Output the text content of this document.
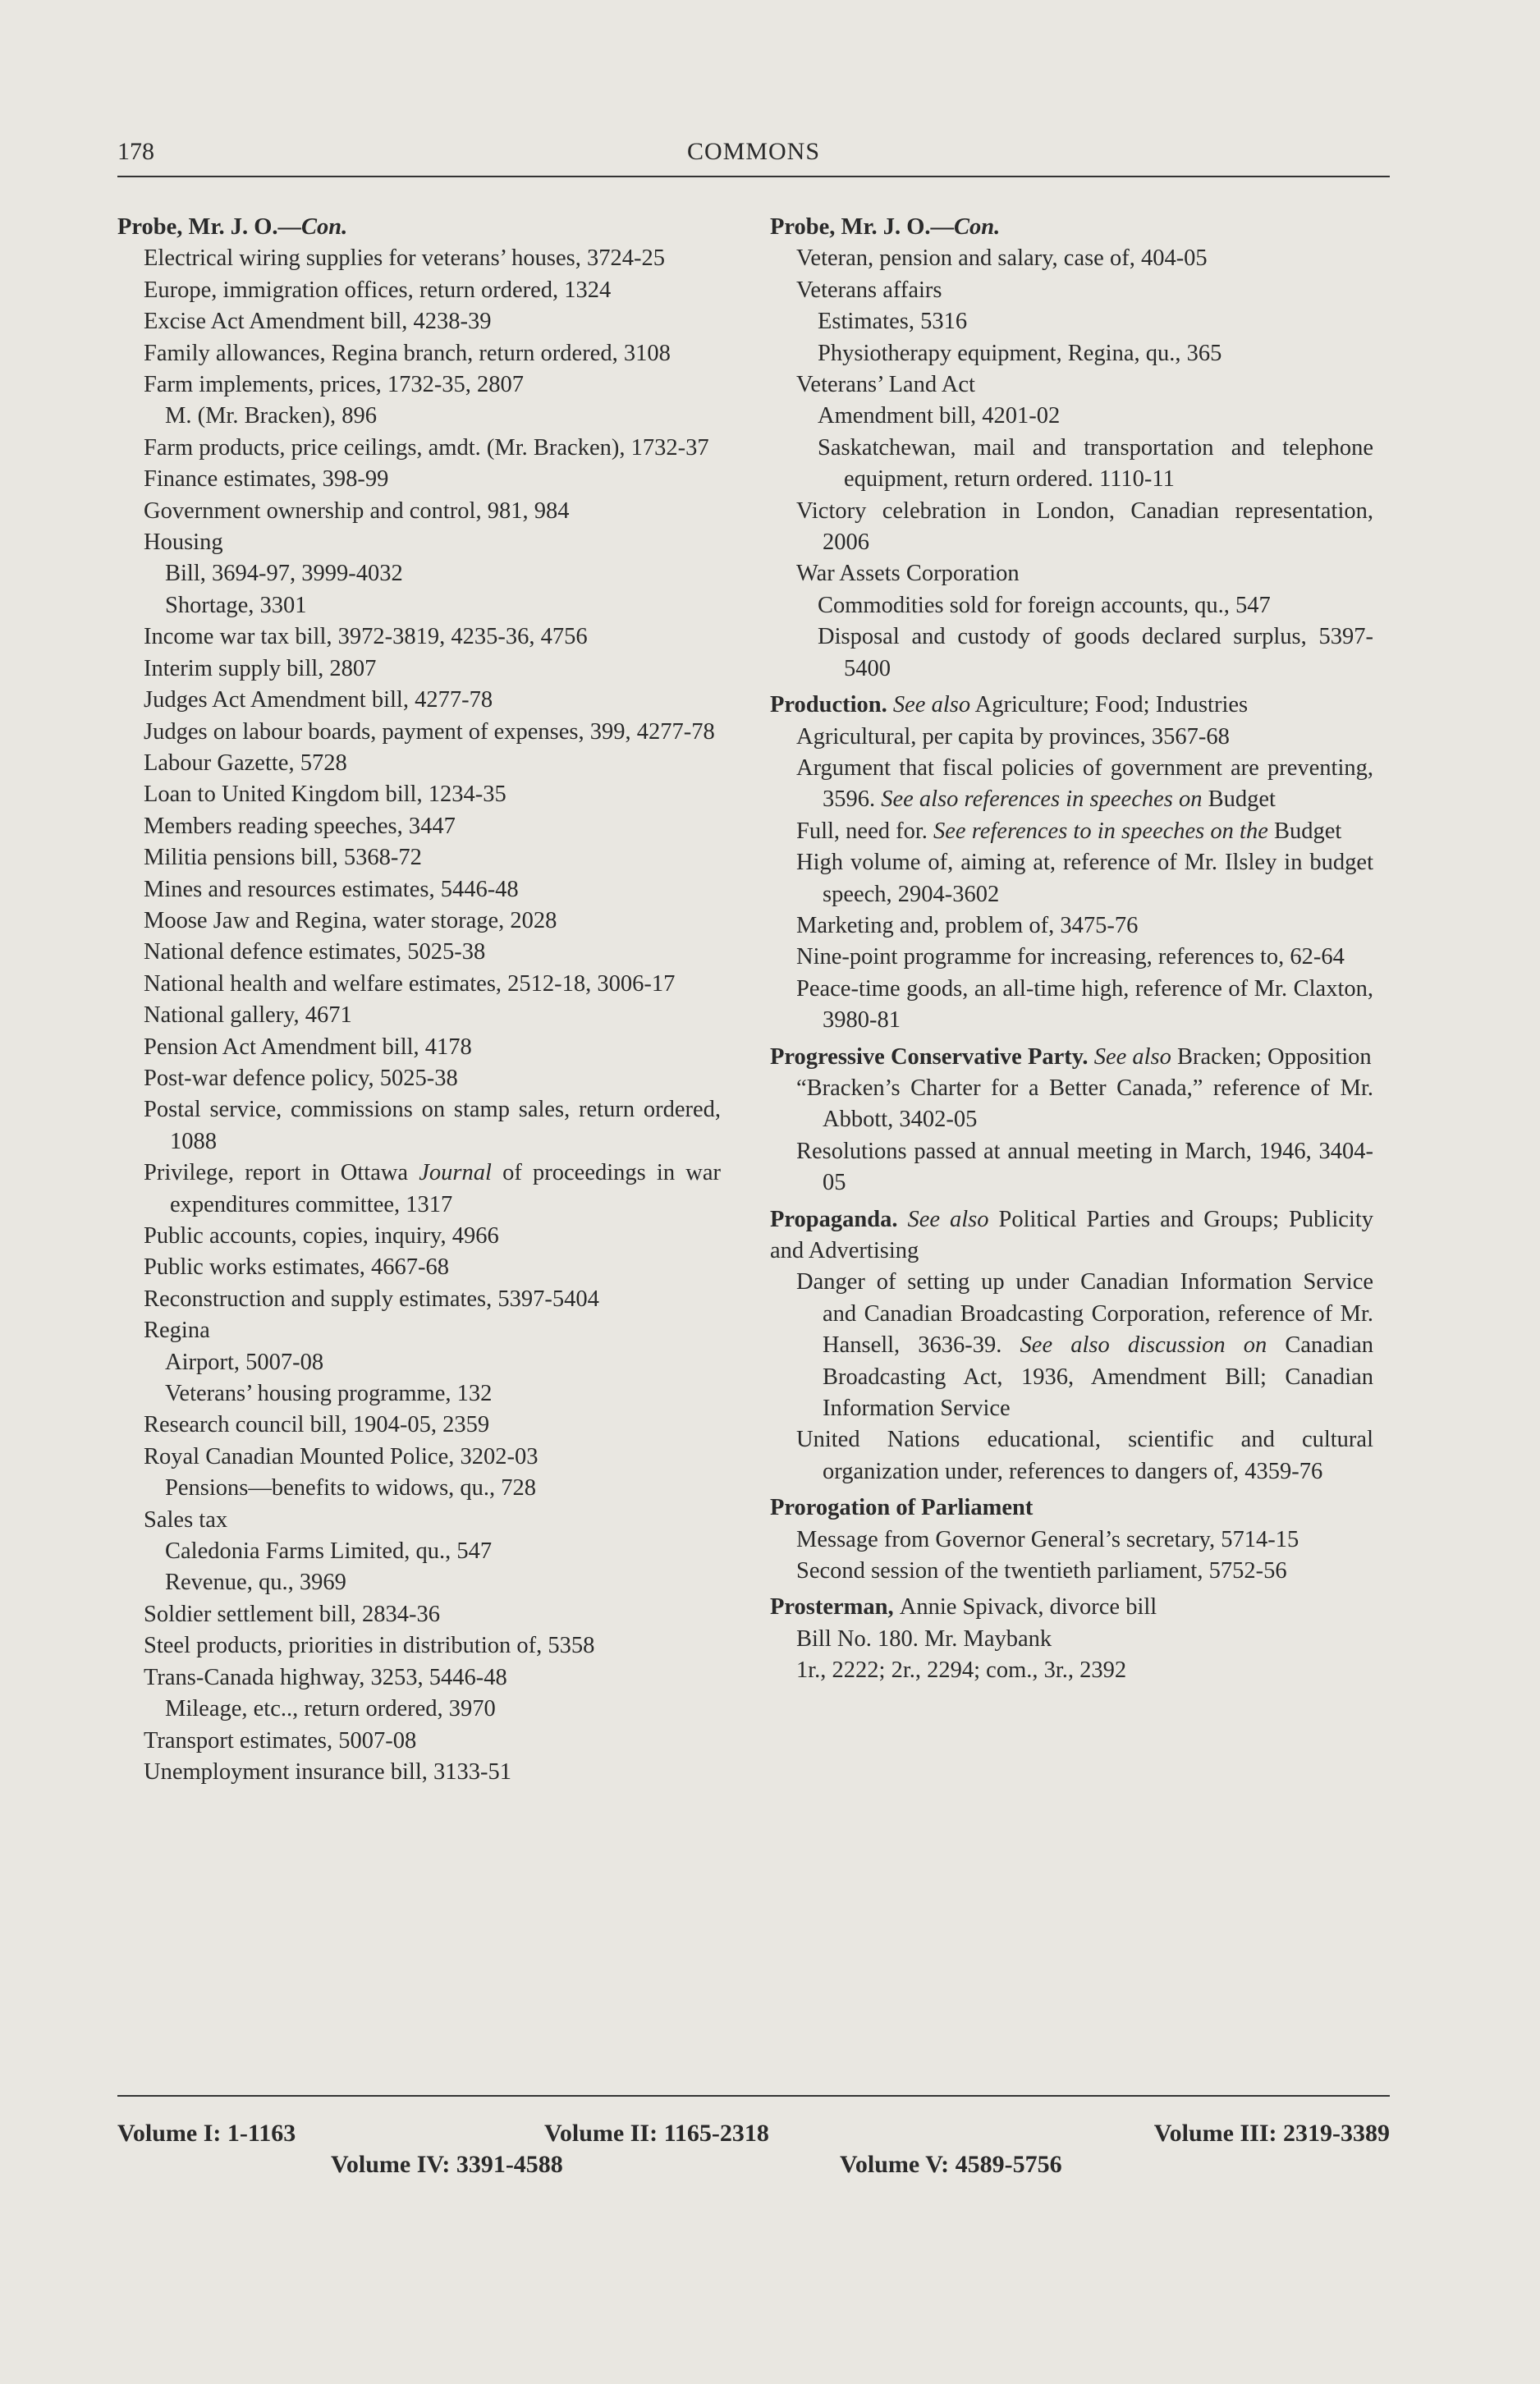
178	COMMONS
Probe, Mr. J. O.—Con.
Electrical wiring supplies for veterans’ houses, 3724-25
Europe, immigration offices, return ordered, 1324
Excise Act Amendment bill, 4238-39
Family allowances, Regina branch, return ordered, 3108
Farm implements, prices, 1732-35, 2807
M. (Mr. Bracken), 896
Farm products, price ceilings, amdt. (Mr. Bracken), 1732-37
Finance estimates, 398-99
Government ownership and control, 981, 984
Housing
Bill, 3694-97, 3999-4032
Shortage, 3301
Income war tax bill, 3972-3819, 4235-36, 4756
Interim supply bill, 2807
Judges Act Amendment bill, 4277-78
Judges on labour boards, payment of expenses, 399, 4277-78
Labour Gazette, 5728
Loan to United Kingdom bill, 1234-35
Members reading speeches, 3447
Militia pensions bill, 5368-72
Mines and resources estimates, 5446-48
Moose Jaw and Regina, water storage, 2028
National defence estimates, 5025-38
National health and welfare estimates, 2512-18, 3006-17
National gallery, 4671
Pension Act Amendment bill, 4178
Post-war defence policy, 5025-38
Postal service, commissions on stamp sales, return ordered, 1088
Privilege, report in Ottawa Journal of proceedings in war expenditures committee, 1317
Public accounts, copies, inquiry, 4966
Public works estimates, 4667-68
Reconstruction and supply estimates, 5397-5404
Regina
Airport, 5007-08
Veterans’ housing programme, 132
Research council bill, 1904-05, 2359
Royal Canadian Mounted Police, 3202-03
Pensions—benefits to widows, qu., 728
Sales tax
Caledonia Farms Limited, qu., 547
Revenue, qu., 3969
Soldier settlement bill, 2834-36
Steel products, priorities in distribution of, 5358
Trans-Canada highway, 3253, 5446-48
Mileage, etc.., return ordered, 3970
Transport estimates, 5007-08
Unemployment insurance bill, 3133-51
Probe, Mr. J. O.—Con.
Veteran, pension and salary, case of, 404-05
Veterans affairs
Estimates, 5316
Physiotherapy equipment, Regina, qu., 365
Veterans’ Land Act
Amendment bill, 4201-02
Saskatchewan, mail and transportation and telephone equipment, return ordered. 1110-11
Victory celebration in London, Canadian representation, 2006
War Assets Corporation
Commodities sold for foreign accounts, qu., 547
Disposal and custody of goods declared surplus, 5397-5400
Production. See also Agriculture; Food; Industries
Agricultural, per capita by provinces, 3567-68
Argument that fiscal policies of government are preventing, 3596. See also references in speeches on Budget
Full, need for. See references to in speeches on the Budget
High volume of, aiming at, reference of Mr. Ilsley in budget speech, 2904-3602
Marketing and, problem of, 3475-76
Nine-point programme for increasing, references to, 62-64
Peace-time goods, an all-time high, reference of Mr. Claxton, 3980-81
Progressive Conservative Party. See also Bracken; Opposition
“Bracken’s Charter for a Better Canada,” reference of Mr. Abbott, 3402-05
Resolutions passed at annual meeting in March, 1946, 3404-05
Propaganda. See also Political Parties and Groups; Publicity and Advertising
Danger of setting up under Canadian Information Service and Canadian Broadcasting Corporation, reference of Mr. Hansell, 3636-39. See also discussion on Canadian Broadcasting Act, 1936, Amendment Bill; Canadian Information Service
United Nations educational, scientific and cultural organization under, references to dangers of, 4359-76
Prorogation of Parliament
Message from Governor General’s secretary, 5714-15
Second session of the twentieth parliament, 5752-56
Prosterman, Annie Spivack, divorce bill
Bill No. 180. Mr. Maybank
1r., 2222; 2r., 2294; com., 3r., 2392
Volume I: 1-1163	Volume II: 1165-2318	Volume III: 2319-3389
Volume IV: 3391-4588	Volume V: 4589-5756
